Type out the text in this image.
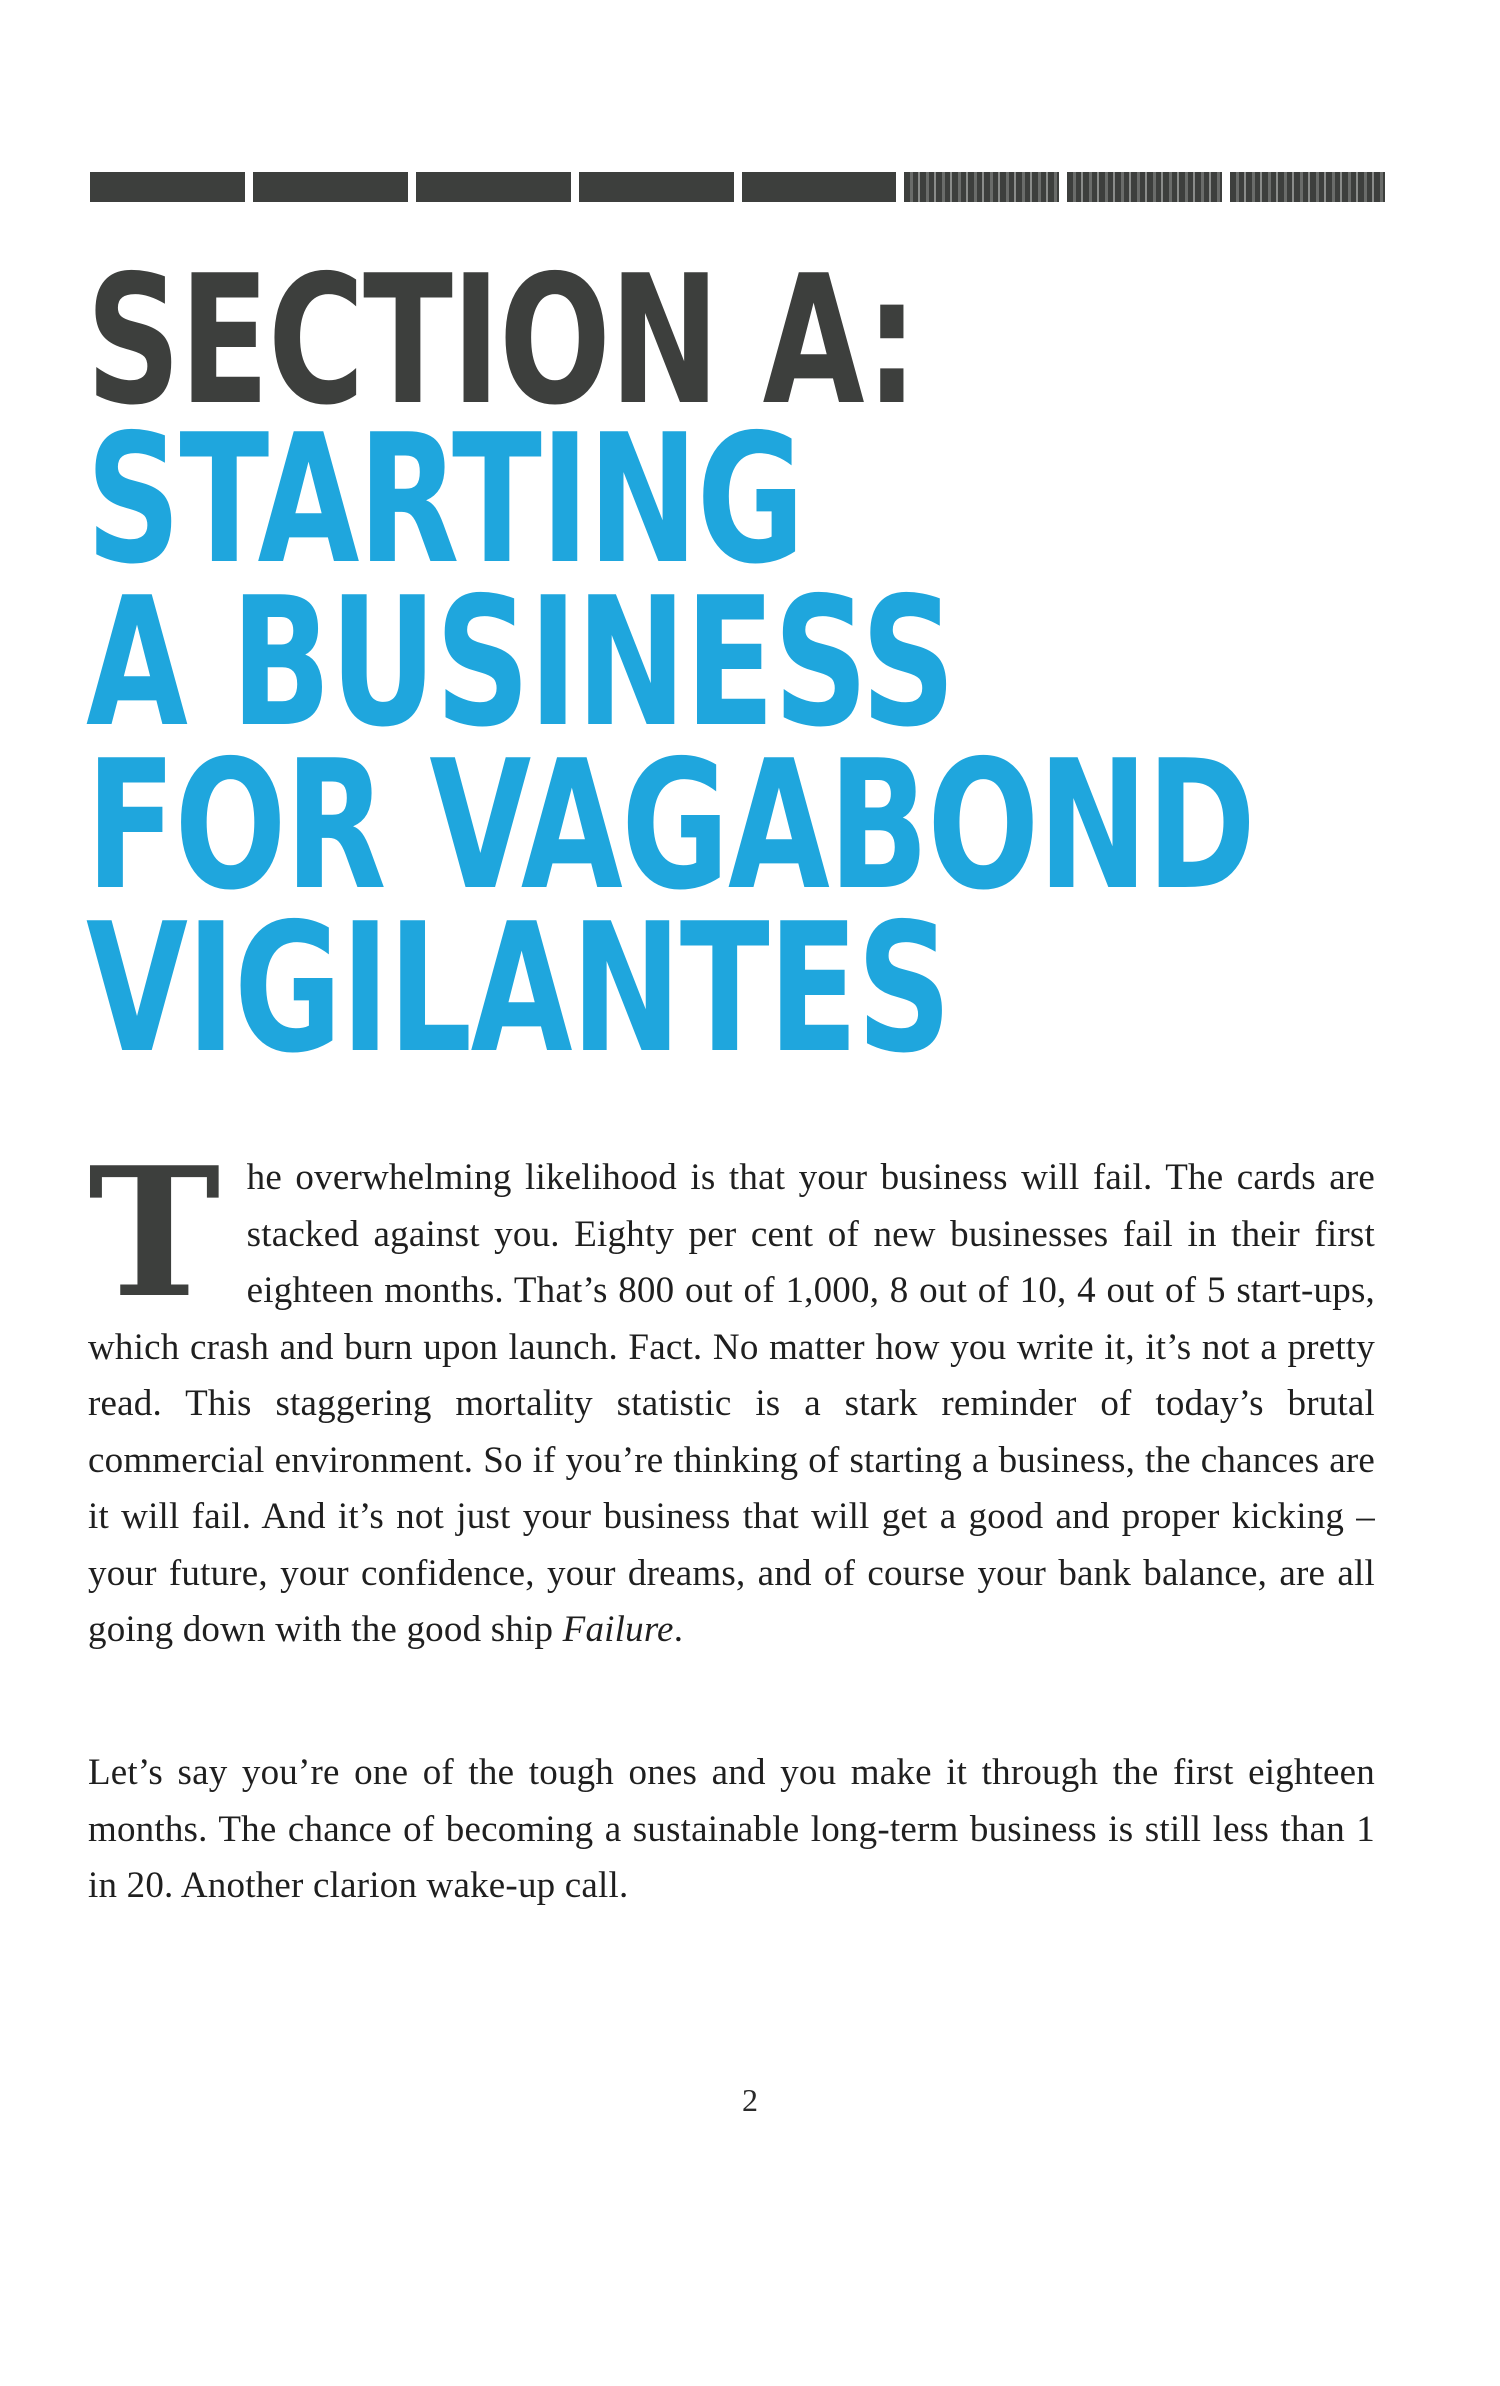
SECTION A:
STARTING
A BUSINESS
FOR VAGABOND
VIGILANTES

The overwhelming likelihood is that your business will fail. The cards are stacked against you. Eighty per cent of new businesses fail in their first eighteen months. That’s 800 out of 1,000, 8 out of 10, 4 out of 5 start-ups, which crash and burn upon launch. Fact. No matter how you write it, it’s not a pretty read. This staggering mortality statistic is a stark reminder of today’s brutal commercial environment. So if you’re thinking of starting a business, the chances are it will fail. And it’s not just your business that will get a good and proper kicking – your future, your confidence, your dreams, and of course your bank balance, are all going down with the good ship Failure.

Let’s say you’re one of the tough ones and you make it through the first eighteen months. The chance of becoming a sustainable long-term business is still less than 1 in 20. Another clarion wake-up call.

2
